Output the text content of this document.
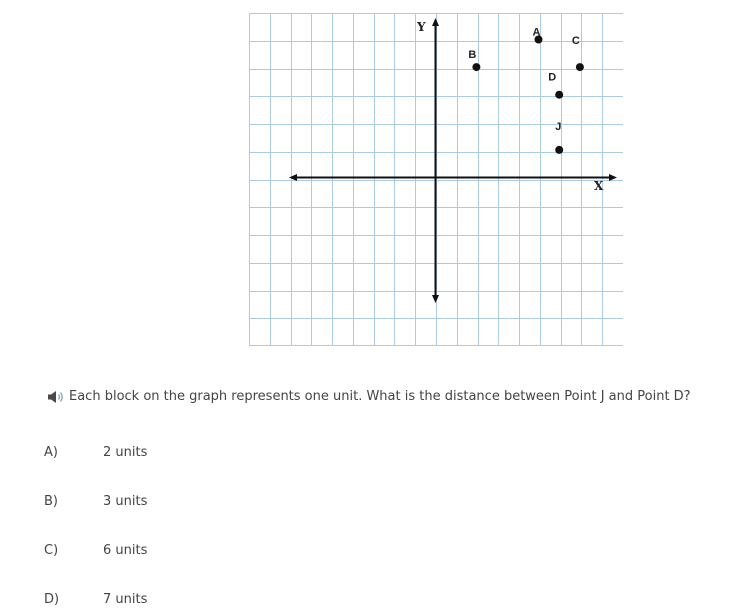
X
Y	A
B
C
D
J
Each block on the graph represents one unit. What is the distance between Point J and Point D?
A)	2 units
B)	3 units
C)	6 units
D)	7 units
